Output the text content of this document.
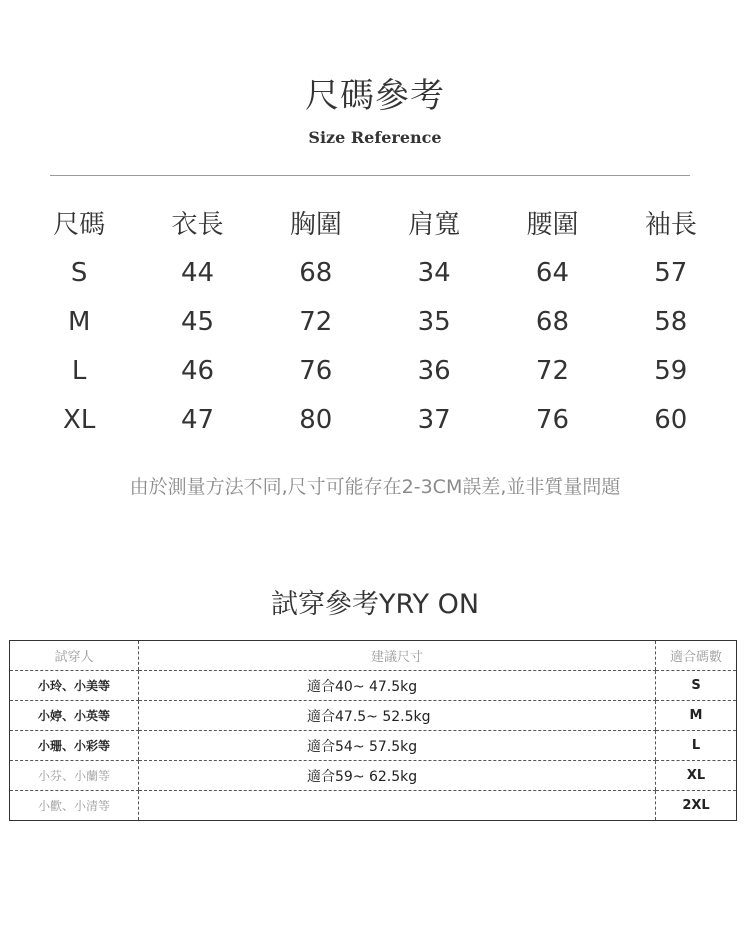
尺碼參考
Size Reference
尺碼	衣長	胸圍	肩寬	腰圍	袖長
S	44	68	34	64	57
M	45	72	35	68	58
L	46	76	36	72	59
XL	47	80	37	76	60
由於測量方法不同,尺寸可能存在2-3CM誤差,並非質量問題
試穿參考YRY ON
試穿人	建議尺寸	適合碼數
小玲、小美等	適合40~ 47.5kg	S
小婷、小英等	適合47.5~ 52.5kg	M
小珊、小彩等	適合54~ 57.5kg	L
小芬、小蘭等	適合59~ 62.5kg	XL
小歡、小清等		2XL
